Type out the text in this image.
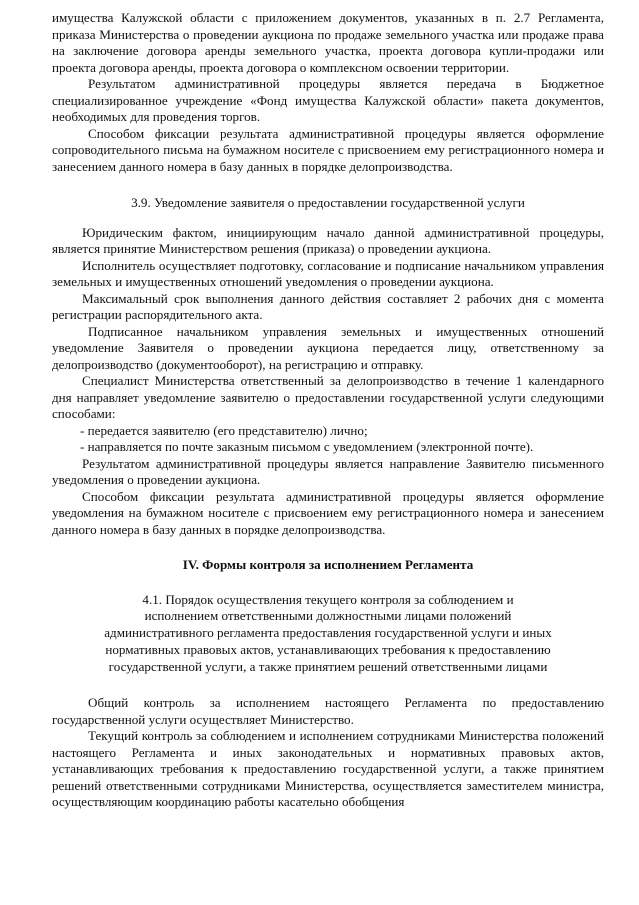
имущества Калужской области с приложением документов, указанных в п. 2.7 Регламента, приказа Министерства о проведении аукциона по продаже земельного участка или продаже права на заключение договора аренды земельного участка, проекта договора купли-продажи или проекта договора аренды, проекта договора о комплексном освоении территории.

Результатом административной процедуры является передача в Бюджетное специализированное учреждение «Фонд имущества Калужской области» пакета документов, необходимых для проведения торгов.

Способом фиксации результата административной процедуры является оформление сопроводительного письма на бумажном носителе с присвоением ему регистрационного номера и занесением данного номера в базу данных в порядке делопроизводства.

3.9. Уведомление заявителя о предоставлении государственной услуги

Юридическим фактом, инициирующим начало данной административной процедуры, является принятие Министерством решения (приказа) о проведении аукциона.

Исполнитель осуществляет подготовку, согласование и подписание начальником управления земельных и имущественных отношений уведомления о проведении аукциона.

Максимальный срок выполнения данного действия составляет 2 рабочих дня с момента регистрации распорядительного акта.

Подписанное начальником управления земельных и имущественных отношений уведомление Заявителя о проведении аукциона передается лицу, ответственному за делопроизводство (документооборот), на регистрацию и отправку.

Специалист Министерства ответственный за делопроизводство в течение 1 календарного дня направляет уведомление заявителю о предоставлении государственной услуги следующими способами:

- передается заявителю (его представителю) лично;

- направляется по почте заказным письмом с уведомлением (электронной почте).

Результатом административной процедуры является направление Заявителю письменного уведомления о проведении аукциона.

Способом фиксации результата административной процедуры является оформление уведомления на бумажном носителе с присвоением ему регистрационного номера и занесением данного номера в базу данных в порядке делопроизводства.

IV. Формы контроля за исполнением Регламента

4.1. Порядок осуществления текущего контроля за соблюдением и
исполнением ответственными должностными лицами положений
административного регламента предоставления государственной услуги и иных
нормативных правовых актов, устанавливающих требования к предоставлению
государственной услуги, а также принятием решений ответственными лицами

Общий контроль за исполнением настоящего Регламента по предоставлению государственной услуги осуществляет Министерство.

Текущий контроль за соблюдением и исполнением сотрудниками Министерства положений настоящего Регламента и иных законодательных и нормативных правовых актов, устанавливающих требования к предоставлению государственной услуги, а также принятием решений ответственными сотрудниками Министерства, осуществляется заместителем министра, осуществляющим координацию работы касательно обобщения
